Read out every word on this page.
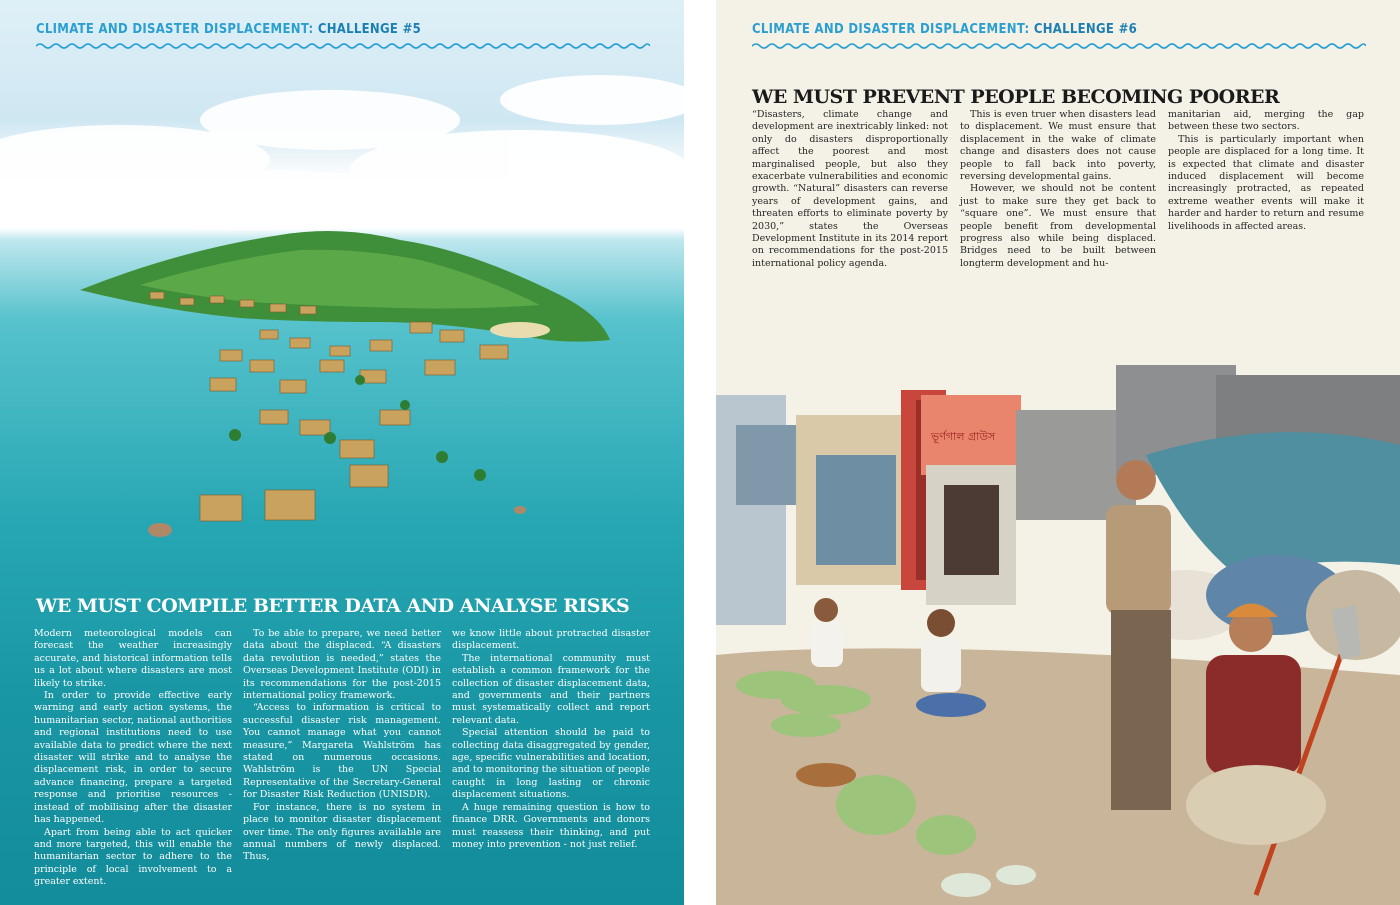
CLIMATE AND DISASTER DISPLACEMENT: CHALLENGE #5
WE MUST COMPILE BETTER DATA AND ANALYSE RISKS

Modern meteorological models can forecast the weather increasingly accurate, and historical information tells us a lot about where disasters are most likely to strike.

In order to provide effective early warning and early action systems, the humanitarian sector, national authorities and regional institutions need to use available data to predict where the next disaster will strike and to analyse the displacement risk, in order to secure advance financing, prepare a targeted response and prioritise resources - instead of mobilising after the disaster has happened.

Apart from being able to act quicker and more targeted, this will enable the humanitarian sector to adhere to the principle of local involvement to a greater extent.

To be able to prepare, we need better data about the displaced. “A disasters data revolution is needed,” states the Overseas Development Institute (ODI) in its recommendations for the post-2015 international policy framework.

“Access to information is critical to successful disaster risk management. You cannot manage what you cannot measure,” Margareta Wahlström has stated on numerous occasions. Wahlström is the UN Special Representative of the Secretary-General for Disaster Risk Reduction (UNISDR).

For instance, there is no system in place to monitor disaster displacement over time. The only figures available are annual numbers of newly displaced. Thus,

we know little about protracted disaster displacement.

The international community must establish a common framework for the collection of disaster displacement data, and governments and their partners must systematically collect and report relevant data.

Special attention should be paid to collecting data disaggregated by gender, age, specific vulnerabilities and location, and to monitoring the situation of people caught in long lasting or chronic displacement situations.

A huge remaining question is how to finance DRR. Governments and donors must reassess their thinking, and put money into prevention - not just relief.

CLIMATE AND DISASTER DISPLACEMENT: CHALLENGE #6
WE MUST PREVENT PEOPLE BECOMING POORER

“Disasters, climate change and development are inextricably linked: not only do disasters disproportionally affect the poorest and most marginalised people, but also they exacerbate vulnerabilities and economic growth. “Natural” disasters can reverse years of development gains, and threaten efforts to eliminate poverty by 2030,” states the Overseas Development Institute in its 2014 report on recommendations for the post-2015 international policy agenda.

This is even truer when disasters lead to displacement. We must ensure that displacement in the wake of climate change and disasters does not cause people to fall back into poverty, reversing developmental gains.

However, we should not be content just to make sure they get back to “square one”. We must ensure that people benefit from developmental progress also while being displaced. Bridges need to be built between longterm development and hu-

manitarian aid, merging the gap between these two sectors.

This is particularly important when people are displaced for a long time. It is expected that climate and disaster induced displacement will become increasingly protracted, as repeated extreme weather events will make it harder and harder to return and resume livelihoods in affected areas.

ভূর্ণগাল গ্রাউস
